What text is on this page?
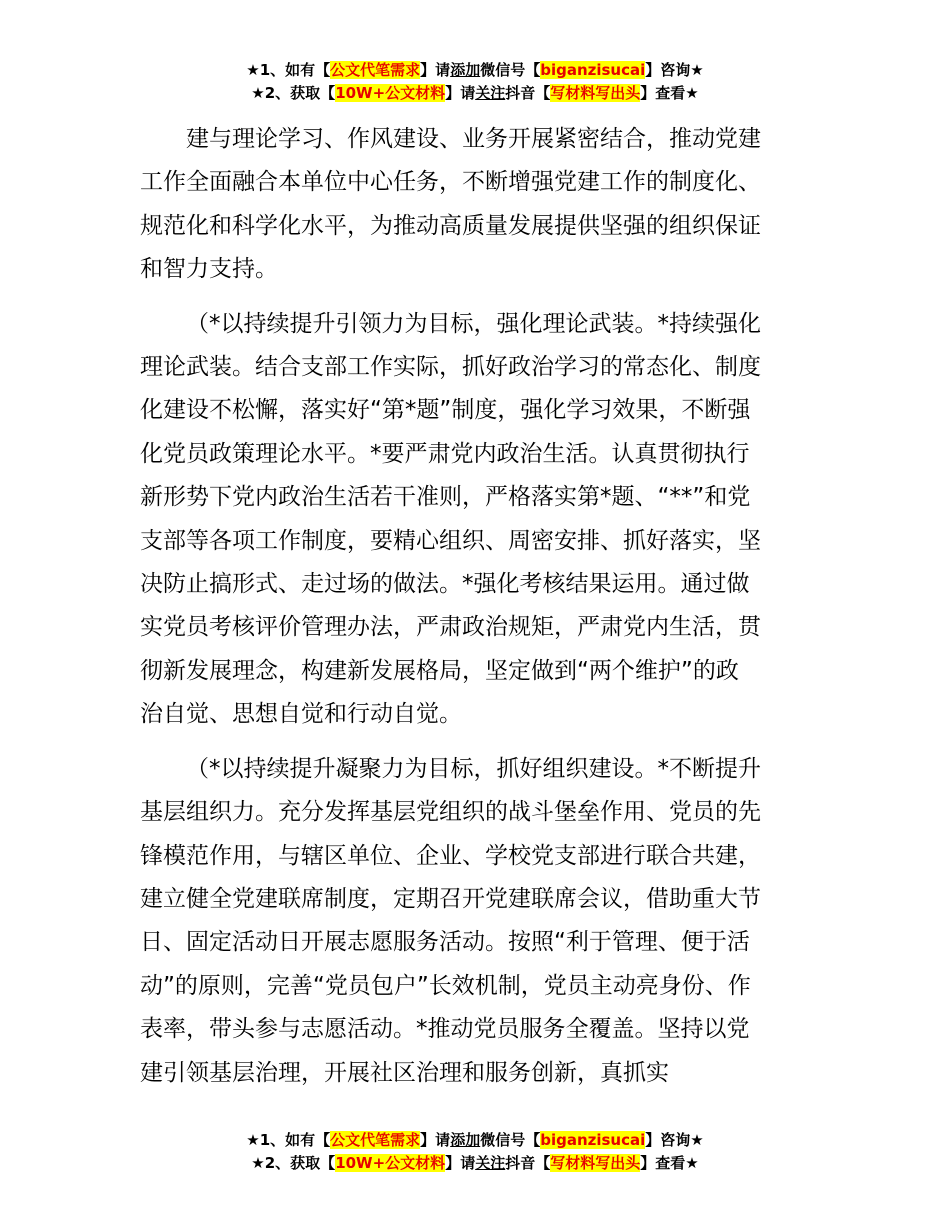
★1、如有【公文代笔需求】请添加微信号【biganzisucai】咨询★
★2、获取【10W+公文材料】请关注抖音【写材料写出头】查看★
建与理论学习、作风建设、业务开展紧密结合，推动党建
工作全面融合本单位中心任务，不断增强党建工作的制度化、
规范化和科学化水平，为推动高质量发展提供坚强的组织保证
和智力支持。
（*以持续提升引领力为目标，强化理论武装。*持续强化
理论武装。结合支部工作实际，抓好政治学习的常态化、制度
化建设不松懈，落实好“第*题”制度，强化学习效果，不断强
化党员政策理论水平。*要严肃党内政治生活。认真贯彻执行
新形势下党内政治生活若干准则，严格落实第*题、“**”和党
支部等各项工作制度，要精心组织、周密安排、抓好落实，坚
决防止搞形式、走过场的做法。*强化考核结果运用。通过做
实党员考核评价管理办法，严肃政治规矩，严肃党内生活，贯
彻新发展理念，构建新发展格局，坚定做到“两个维护”的政
治自觉、思想自觉和行动自觉。
（*以持续提升凝聚力为目标，抓好组织建设。*不断提升
基层组织力。充分发挥基层党组织的战斗堡垒作用、党员的先
锋模范作用，与辖区单位、企业、学校党支部进行联合共建，
建立健全党建联席制度，定期召开党建联席会议，借助重大节
日、固定活动日开展志愿服务活动。按照“利于管理、便于活
动”的原则，完善“党员包户”长效机制，党员主动亮身份、作
表率，带头参与志愿活动。*推动党员服务全覆盖。坚持以党
建引领基层治理，开展社区治理和服务创新，真抓实
★1、如有【公文代笔需求】请添加微信号【biganzisucai】咨询★
★2、获取【10W+公文材料】请关注抖音【写材料写出头】查看★
